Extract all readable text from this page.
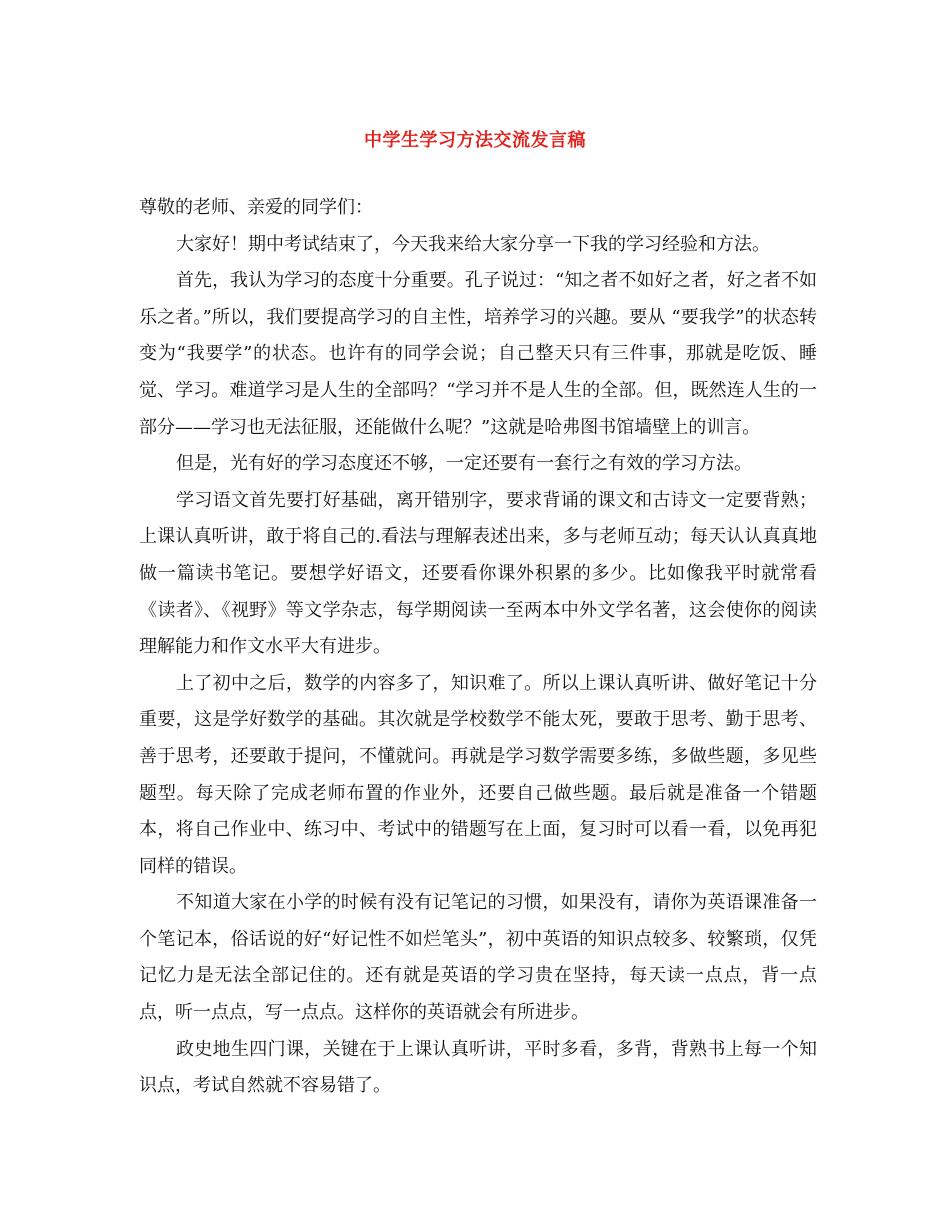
中学生学习方法交流发言稿

尊敬的老师、亲爱的同学们：

大家好！期中考试结束了，今天我来给大家分享一下我的学习经验和方法。

首先，我认为学习的态度十分重要。孔子说过：“知之者不如好之者，好之者不如乐之者。”所以，我们要提高学习的自主性，培养学习的兴趣。要从 “要我学”的状态转变为“我要学”的状态。也许有的同学会说；自己整天只有三件事，那就是吃饭、睡觉、学习。难道学习是人生的全部吗？“学习并不是人生的全部。但，既然连人生的一部分——学习也无法征服，还能做什么呢？”这就是哈弗图书馆墙壁上的训言。

但是，光有好的学习态度还不够，一定还要有一套行之有效的学习方法。

学习语文首先要打好基础，离开错别字，要求背诵的课文和古诗文一定要背熟；上课认真听讲，敢于将自己的.看法与理解表述出来，多与老师互动；每天认认真真地做一篇读书笔记。要想学好语文，还要看你课外积累的多少。比如像我平时就常看《读者》、《视野》等文学杂志，每学期阅读一至两本中外文学名著，这会使你的阅读理解能力和作文水平大有进步。

上了初中之后，数学的内容多了，知识难了。所以上课认真听讲、做好笔记十分重要，这是学好数学的基础。其次就是学校数学不能太死，要敢于思考、勤于思考、善于思考，还要敢于提问，不懂就问。再就是学习数学需要多练，多做些题，多见些题型。每天除了完成老师布置的作业外，还要自己做些题。最后就是准备一个错题本，将自己作业中、练习中、考试中的错题写在上面，复习时可以看一看，以免再犯同样的错误。

不知道大家在小学的时候有没有记笔记的习惯，如果没有，请你为英语课准备一个笔记本，俗话说的好“好记性不如烂笔头”，初中英语的知识点较多、较繁琐，仅凭记忆力是无法全部记住的。还有就是英语的学习贵在坚持，每天读一点点，背一点点，听一点点，写一点点。这样你的英语就会有所进步。

政史地生四门课，关键在于上课认真听讲，平时多看，多背，背熟书上每一个知识点，考试自然就不容易错了。
